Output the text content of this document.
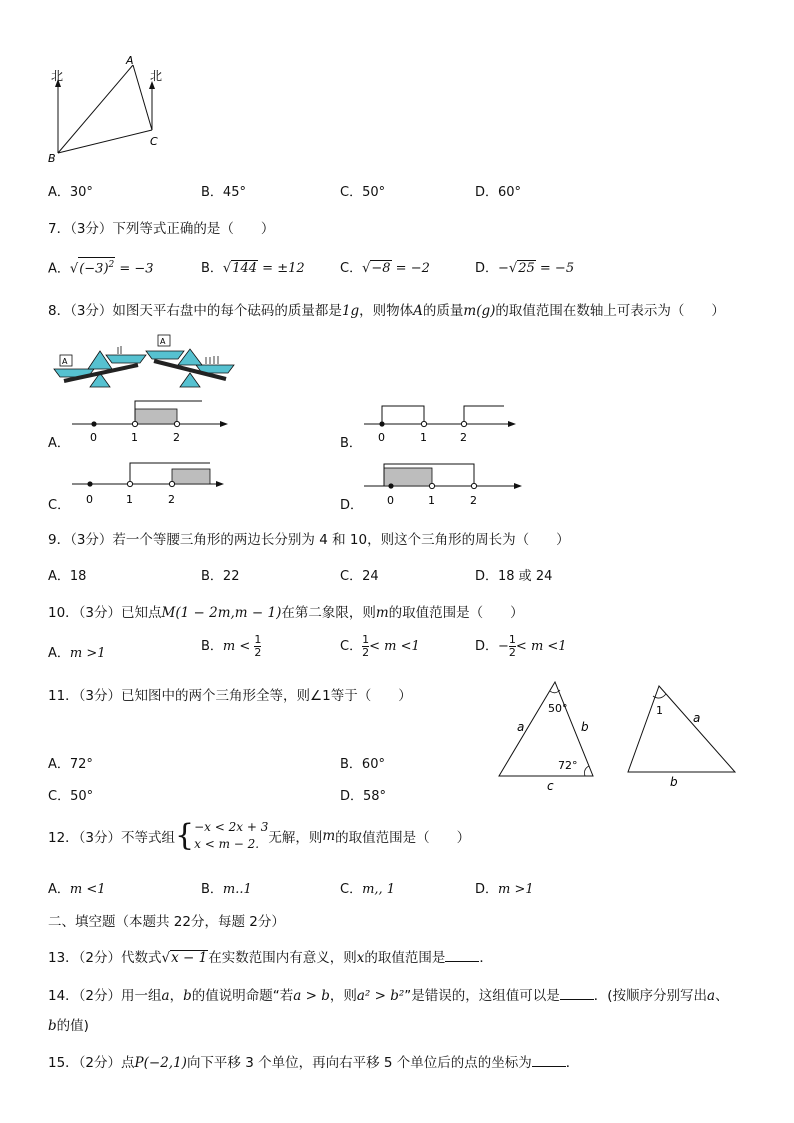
北	北
A
B
C
A．30°	B．45°	C．50°	D．60°
7．（3分）下列等式正确的是（　　）
A．$√(-3)^2 = -3$	B．√144 = ±12	C．√−8 = −2	D．−√25 = −5
8．（3分）如图天平右盘中的每个砝码的质量都是1g，则物体A的质量m(g)的取值范围在数轴上可表示为（　　）
A
A
A． 0	1	2	B． 0	1	2
C． 0	1	2	D． 0	1	2
9．（3分）若一个等腰三角形的两边长分别为 4 和 10，则这个三角形的周长为（　　）
A．18	B．22	C．24	D．18 或 24
10．（3分）已知点M(1 − 2m,m − 1)在第二象限，则m的取值范围是（　　）
A．m >1	B．$m < \frac{1}{2}$	C． $\frac{1}{2} < m <1$	D．− $\frac{1}{2} < m <1$
11．（3分）已知图中的两个三角形全等，则∠1等于（　　）
A．72°	B．60°
C．50°	D．58°
a	b
c
50°
72°
1
a
b
12．（3分）不等式组{ −x < 2x + 3
x < m − 2. 无解，则m的取值范围是（　　）
A．m <1	B．m..1	C．m,, 1	D．m >1
二、填空题（本题共 22分，每题 2分）
13．（2分）代数式√x − 1在实数范围内有意义，则x的取值范围是	．
14．（2分）用一组a，b的值说明命题“若a > b，则a² > b²”是错误的，这组值可以是	．(按顺序分别写出a、
b的值)
15．（2分）点P(−2,1)向下平移 3 个单位，再向右平移 5 个单位后的点的坐标为	．
